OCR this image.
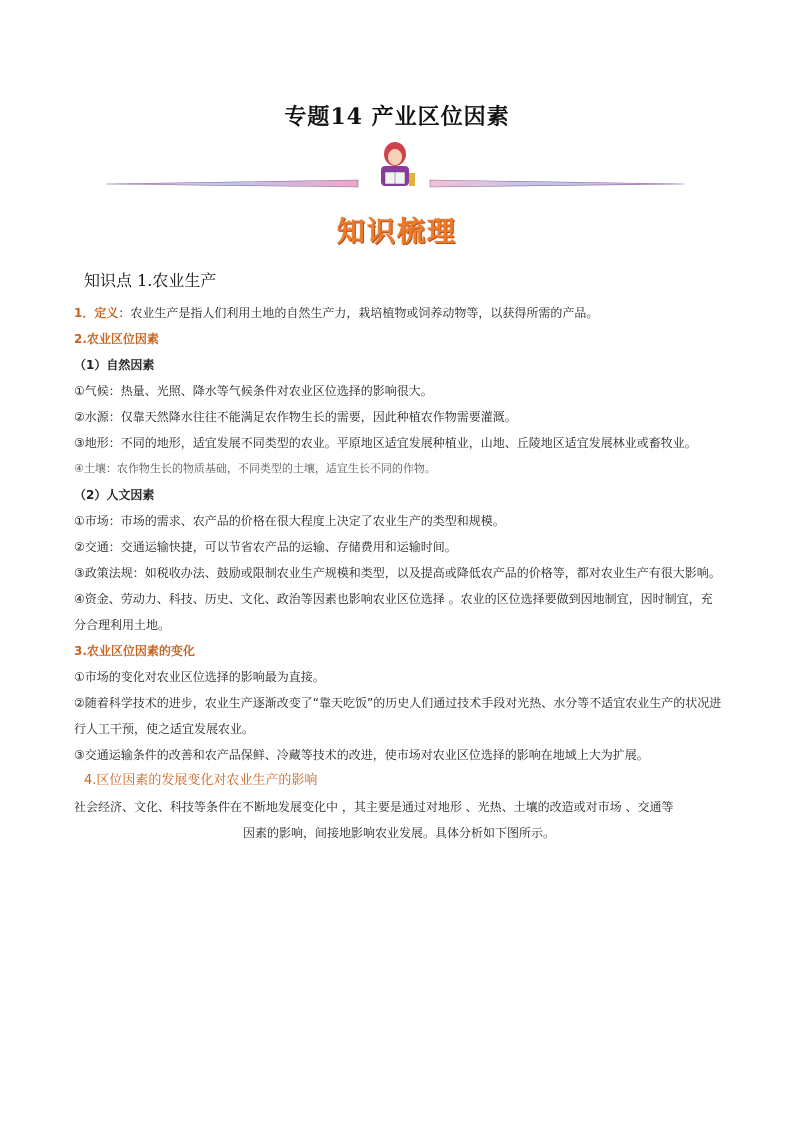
专题14 产业区位因素
知识梳理
知识点 1.农业生产

1．定义：农业生产是指人们利用土地的自然生产力，栽培植物或饲养动物等，以获得所需的产品。

2.农业区位因素

（1）自然因素

①气候：热量、光照、降水等气候条件对农业区位选择的影响很大。

②水源：仅靠天然降水往往不能满足农作物生长的需要，因此种植农作物需要灌溉。

③地形：不同的地形，适宜发展不同类型的农业。平原地区适宜发展种植业，山地、丘陵地区适宜发展林业或畜牧业。

④土壤：农作物生长的物质基础，不同类型的土壤，适宜生长不同的作物。

（2）人文因素

①市场：市场的需求、农产品的价格在很大程度上决定了农业生产的类型和规模。

②交通：交通运输快捷，可以节省农产品的运输、存储费用和运输时间。

③政策法规：如税收办法、鼓励或限制农业生产规模和类型，以及提高或降低农产品的价格等，都对农业生产有很大影响。

④资金、劳动力、科技、历史、文化、政治等因素也影响农业区位选择 。农业的区位选择要做到因地制宜，因时制宜，充分合理利用土地。

3.农业区位因素的变化

①市场的变化对农业区位选择的影响最为直接。

②随着科学技术的进步，农业生产逐渐改变了“靠天吃饭”的历史人们通过技术手段对光热、水分等不适宜农业生产的状况进行人工干预，使之适宜发展农业。

③交通运输条件的改善和农产品保鲜、冷藏等技术的改进，使市场对农业区位选择的影响在地域上大为扩展。

4.区位因素的发展变化对农业生产的影响

社会经济、文化、科技等条件在不断地发展变化中 ，其主要是通过对地形 、光热、土壤的改造或对市场 、交通等

因素的影响，间接地影响农业发展。具体分析如下图所示。
